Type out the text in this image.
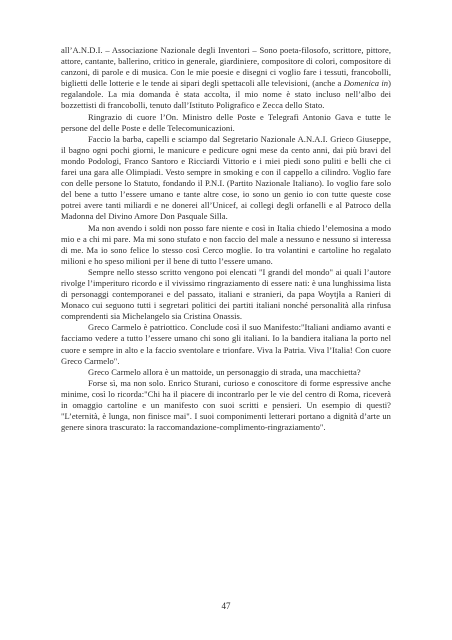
all’A.N.D.I. – Associazione Nazionale degli Inventori – Sono poeta-filosofo, scrittore, pittore, attore, cantante, ballerino, critico in generale, giardiniere, compositore di colori, compositore di canzoni, di parole e di musica. Con le mie poesie e disegni ci voglio fare i tessuti, francobolli, biglietti delle lotterie e le tende ai sipari degli spettacoli alle televisioni, (anche a Domenica in) regalandole. La mia domanda è stata accolta, il mio nome è stato incluso nell’albo dei bozzettisti di francobolli, tenuto dall’Istituto Poligrafico e Zecca dello Stato.

Ringrazio di cuore l’On. Ministro delle Poste e Telegrafi Antonio Gava e tutte le persone del delle Poste e delle Telecomunicazioni.

Faccio la barba, capelli e sciampo dal Segretario Nazionale A.N.A.I. Grieco Giuseppe, il bagno ogni pochi giorni, le manicure e pedicure ogni mese da cento anni, dai più bravi del mondo Podologi, Franco Santoro e Ricciardi Vittorio e i miei piedi sono puliti e belli che ci farei una gara alle Olimpiadi. Vesto sempre in smoking e con il cappello a cilindro. Voglio fare con delle persone lo Statuto, fondando il P.N.I. (Partito Nazionale Italiano). Io voglio fare solo del bene a tutto l’essere umano e tante altre cose, io sono un genio io con tutte queste cose potrei avere tanti miliardi e ne donerei all’Unicef, ai collegi degli orfanelli e al Patroco della Madonna del Divino Amore Don Pasquale Silla.

Ma non avendo i soldi non posso fare niente e così in Italia chiedo l’elemosina a modo mio e a chi mi pare. Ma mi sono stufato e non faccio del male a nessuno e nessuno si interessa di me. Ma io sono felice lo stesso così Cerco moglie. Io tra volantini e cartoline ho regalato milioni e ho speso milioni per il bene di tutto l’essere umano.

Sempre nello stesso scritto vengono poi elencati "I grandi del mondo" ai quali l’autore rivolge l’imperituro ricordo e il vivissimo ringraziamento di essere nati: è una lunghissima lista di personaggi contemporanei e del passato, italiani e stranieri, da papa Woytjła a Ranieri di Monaco cui seguono tutti i segretari politici dei partiti italiani nonché personalità alla rinfusa comprendenti sia Michelangelo sia Cristina Onassis.

Greco Carmelo è patriottico. Conclude così il suo Manifesto:"Italiani andiamo avanti e facciamo vedere a tutto l’essere umano chi sono gli italiani. Io la bandiera italiana la porto nel cuore e sempre in alto e la faccio sventolare e trionfare. Viva la Patria. Viva l’Italia! Con cuore Greco Carmelo".

Greco Carmelo allora è un mattoide, un personaggio di strada, una macchietta?

Forse sì, ma non solo. Enrico Sturani, curioso e conoscitore di forme espressive anche minime, così lo ricorda:"Chi ha il piacere di incontrarlo per le vie del centro di Roma, riceverà in omaggio cartoline e un manifesto con suoi scritti e pensieri. Un esempio di questi? "L’eternità, è lunga, non finisce mai". I suoi componimenti letterari portano a dignità d’arte un genere sinora trascurato: la raccomandazione-complimento-ringraziamento".

47
